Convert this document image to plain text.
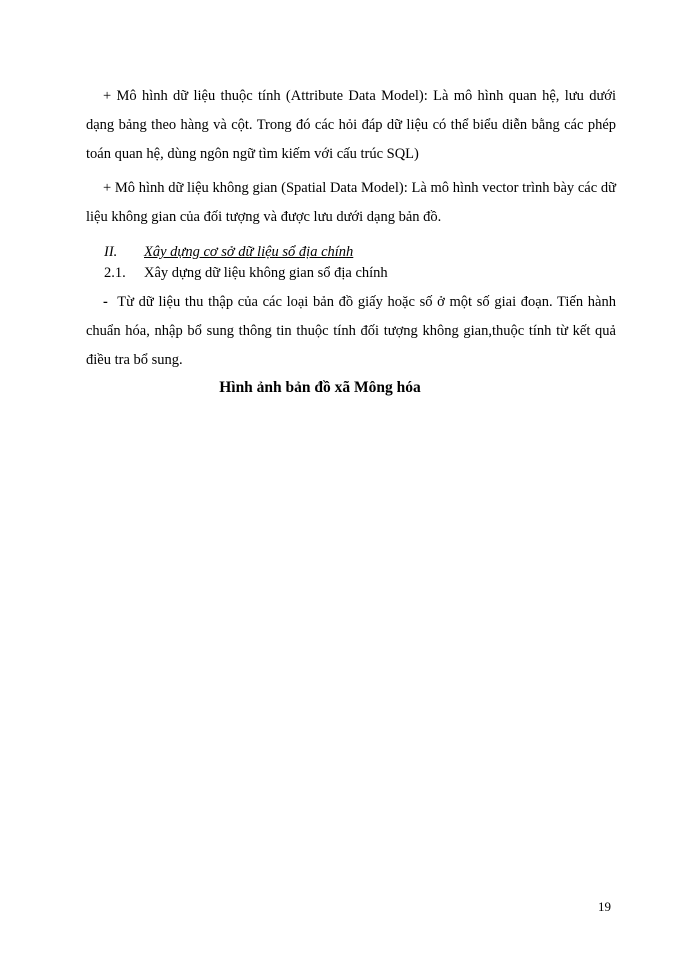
+ Mô hình dữ liệu thuộc tính (Attribute Data Model): Là mô hình quan hệ, lưu dưới dạng bảng theo hàng và cột. Trong đó các hỏi đáp dữ liệu có thể biểu diễn bằng các phép toán quan hệ, dùng ngôn ngữ tìm kiếm với cấu trúc SQL)

+ Mô hình dữ liệu không gian (Spatial Data Model): Là mô hình vector trình bày các dữ liệu không gian của đối tượng và được lưu dưới dạng bản đồ.

II. Xây dựng cơ sở dữ liệu sổ địa chính
2.1. Xây dựng dữ liệu không gian sổ địa chính

- Từ dữ liệu thu thập của các loại bản đồ giấy hoặc số ở một số giai đoạn. Tiến hành chuẩn hóa, nhập bổ sung thông tin thuộc tính đối tượng không gian,thuộc tính từ kết quả điều tra bổ sung.

Hình ảnh bản đồ xã Mông hóa
19
